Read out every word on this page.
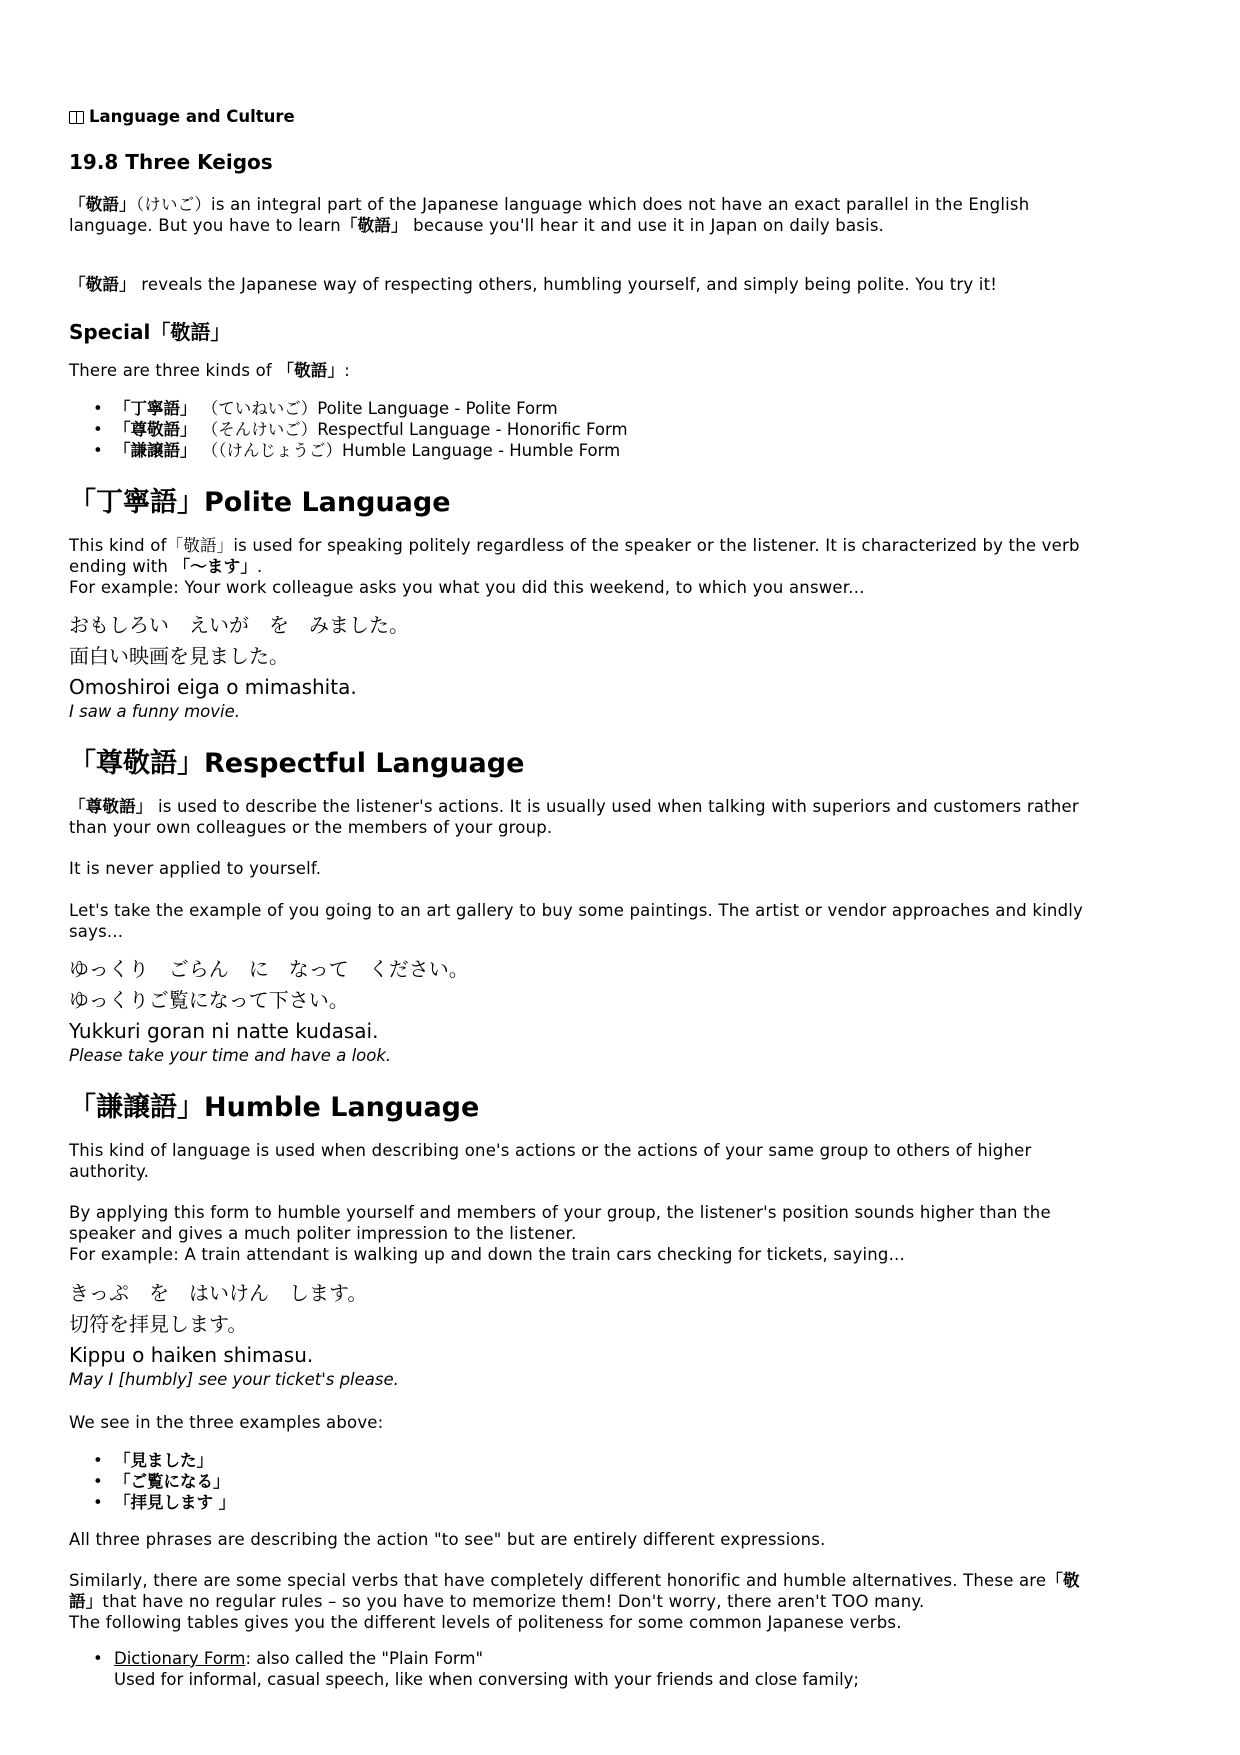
Language and Culture
19.8 Three Keigos
「敬語」（けいご）is an integral part of the Japanese language which does not have an exact parallel in the English
language. But you have to learn「敬語」 because you'll hear it and use it in Japan on daily basis.
「敬語」 reveals the Japanese way of respecting others, humbling yourself, and simply being polite. You try it!
Special「敬語」
There are three kinds of 「敬語」:
• 「丁寧語」 （ていねいご）Polite Language - Polite Form
• 「尊敬語」 （そんけいご）Respectful Language - Honorific Form
• 「謙譲語」 （（けんじょうご）Humble Language - Humble Form
「丁寧語」Polite Language
This kind of「敬語」is used for speaking politely regardless of the speaker or the listener. It is characterized by the verb
ending with 「～ます」.
For example: Your work colleague asks you what you did this weekend, to which you answer...
おもしろい　えいが　を　みました。
面白い映画を見ました。
Omoshiroi eiga o mimashita.
I saw a funny movie.
「尊敬語」Respectful Language
「尊敬語」 is used to describe the listener's actions. It is usually used when talking with superiors and customers rather
than your own colleagues or the members of your group.
It is never applied to yourself.
Let's take the example of you going to an art gallery to buy some paintings. The artist or vendor approaches and kindly
says...
ゆっくり　ごらん　に　なって　ください。
ゆっくりご覧になって下さい。
Yukkuri goran ni natte kudasai.
Please take your time and have a look.
「謙譲語」Humble Language
This kind of language is used when describing one's actions or the actions of your same group to others of higher
authority.
By applying this form to humble yourself and members of your group, the listener's position sounds higher than the
speaker and gives a much politer impression to the listener.
For example: A train attendant is walking up and down the train cars checking for tickets, saying...
きっぷ　を　はいけん　します。
切符を拝見します。
Kippu o haiken shimasu.
May I [humbly] see your ticket's please.
We see in the three examples above:
• 「見ました」
• 「ご覧になる」
• 「拝見します 」
All three phrases are describing the action "to see" but are entirely different expressions.
Similarly, there are some special verbs that have completely different honorific and humble alternatives. These are「敬
語」that have no regular rules – so you have to memorize them! Don't worry, there aren't TOO many.
The following tables gives you the different levels of politeness for some common Japanese verbs.
• Dictionary Form: also called the "Plain Form"
Used for informal, casual speech, like when conversing with your friends and close family;
